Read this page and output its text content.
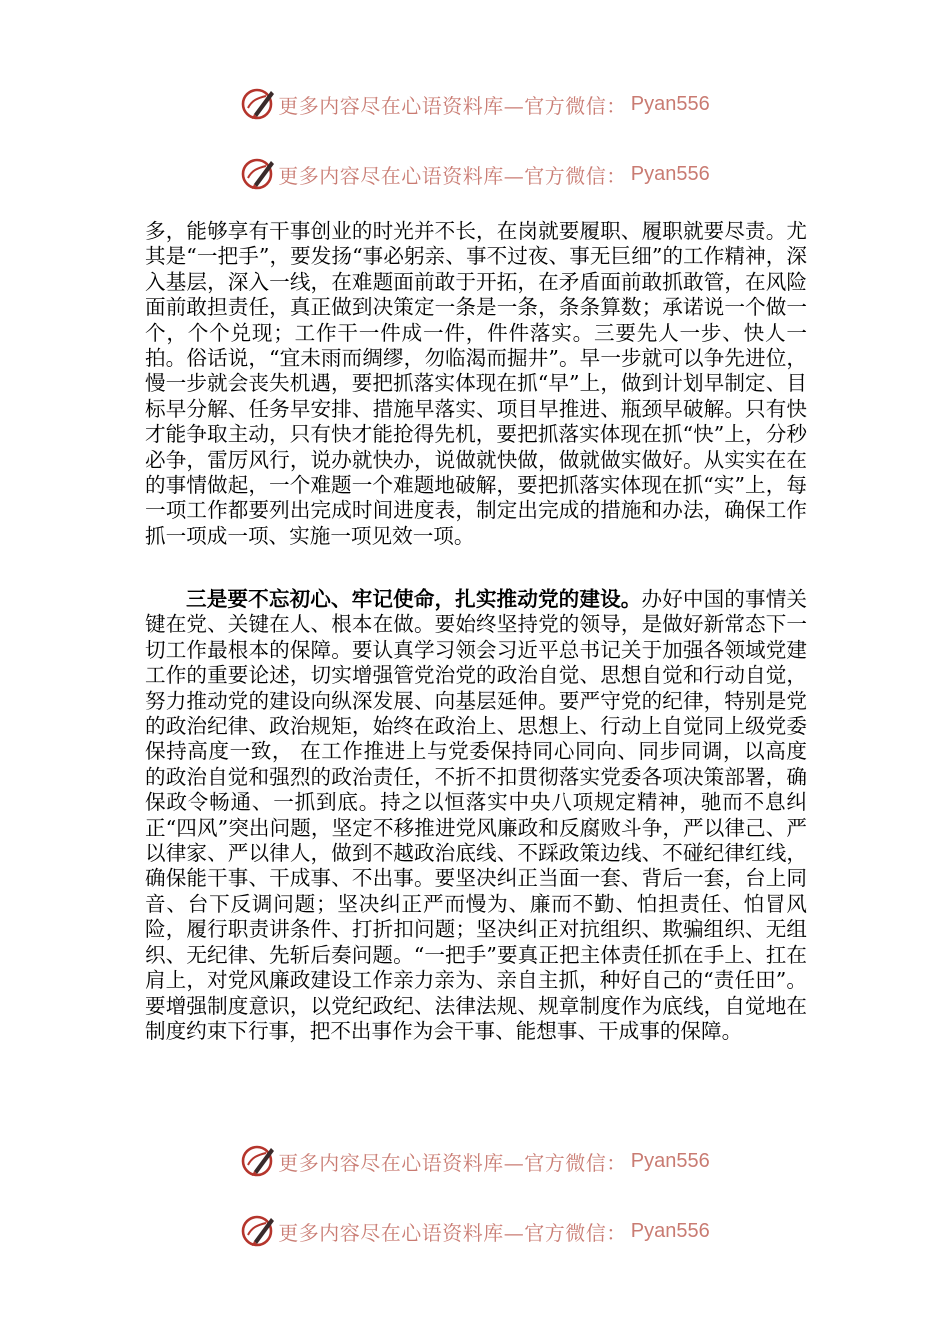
更多内容尽在心语资料库—官方微信： Pyan556
更多内容尽在心语资料库—官方微信： Pyan556
多，能够享有干事创业的时光并不长，在岗就要履职、履职就要尽责。尤其是“一把手”，要发扬“事必躬亲、事不过夜、事无巨细”的工作精神，深入基层，深入一线，在难题面前敢于开拓，在矛盾面前敢抓敢管，在风险面前敢担责任，真正做到决策定一条是一条，条条算数；承诺说一个做一个，个个兑现；工作干一件成一件，件件落实。三要先人一步、快人一拍。俗话说，“宜未雨而绸缪，勿临渴而掘井”。早一步就可以争先进位，慢一步就会丧失机遇，要把抓落实体现在抓“早”上，做到计划早制定、目标早分解、任务早安排、措施早落实、项目早推进、瓶颈早破解。只有快才能争取主动，只有快才能抢得先机，要把抓落实体现在抓“快”上，分秒必争，雷厉风行，说办就快办，说做就快做，做就做实做好。从实实在在的事情做起，一个难题一个难题地破解，要把抓落实体现在抓“实”上，每一项工作都要列出完成时间进度表，制定出完成的措施和办法，确保工作抓一项成一项、实施一项见效一项。
三是要不忘初心、牢记使命，扎实推动党的建设。办好中国的事情关键在党、关键在人、根本在做。要始终坚持党的领导，是做好新常态下一切工作最根本的保障。要认真学习领会习近平总书记关于加强各领域党建工作的重要论述，切实增强管党治党的政治自觉、思想自觉和行动自觉，努力推动党的建设向纵深发展、向基层延伸。要严守党的纪律，特别是党的政治纪律、政治规矩，始终在政治上、思想上、行动上自觉同上级党委保持高度一致， 在工作推进上与党委保持同心同向、同步同调，以高度的政治自觉和强烈的政治责任，不折不扣贯彻落实党委各项决策部署，确保政令畅通、一抓到底。持之以恒落实中央八项规定精神，驰而不息纠正“四风”突出问题，坚定不移推进党风廉政和反腐败斗争，严以律己、严以律家、严以律人，做到不越政治底线、不踩政策边线、不碰纪律红线，确保能干事、干成事、不出事。要坚决纠正当面一套、背后一套，台上同音、台下反调问题；坚决纠正严而慢为、廉而不勤、怕担责任、怕冒风险，履行职责讲条件、打折扣问题；坚决纠正对抗组织、欺骗组织、无组织、无纪律、先斩后奏问题。“一把手”要真正把主体责任抓在手上、扛在肩上，对党风廉政建设工作亲力亲为、亲自主抓，种好自己的“责任田”。要增强制度意识，以党纪政纪、法律法规、规章制度作为底线，自觉地在制度约束下行事，把不出事作为会干事、能想事、干成事的保障。
更多内容尽在心语资料库—官方微信： Pyan556
更多内容尽在心语资料库—官方微信： Pyan556
